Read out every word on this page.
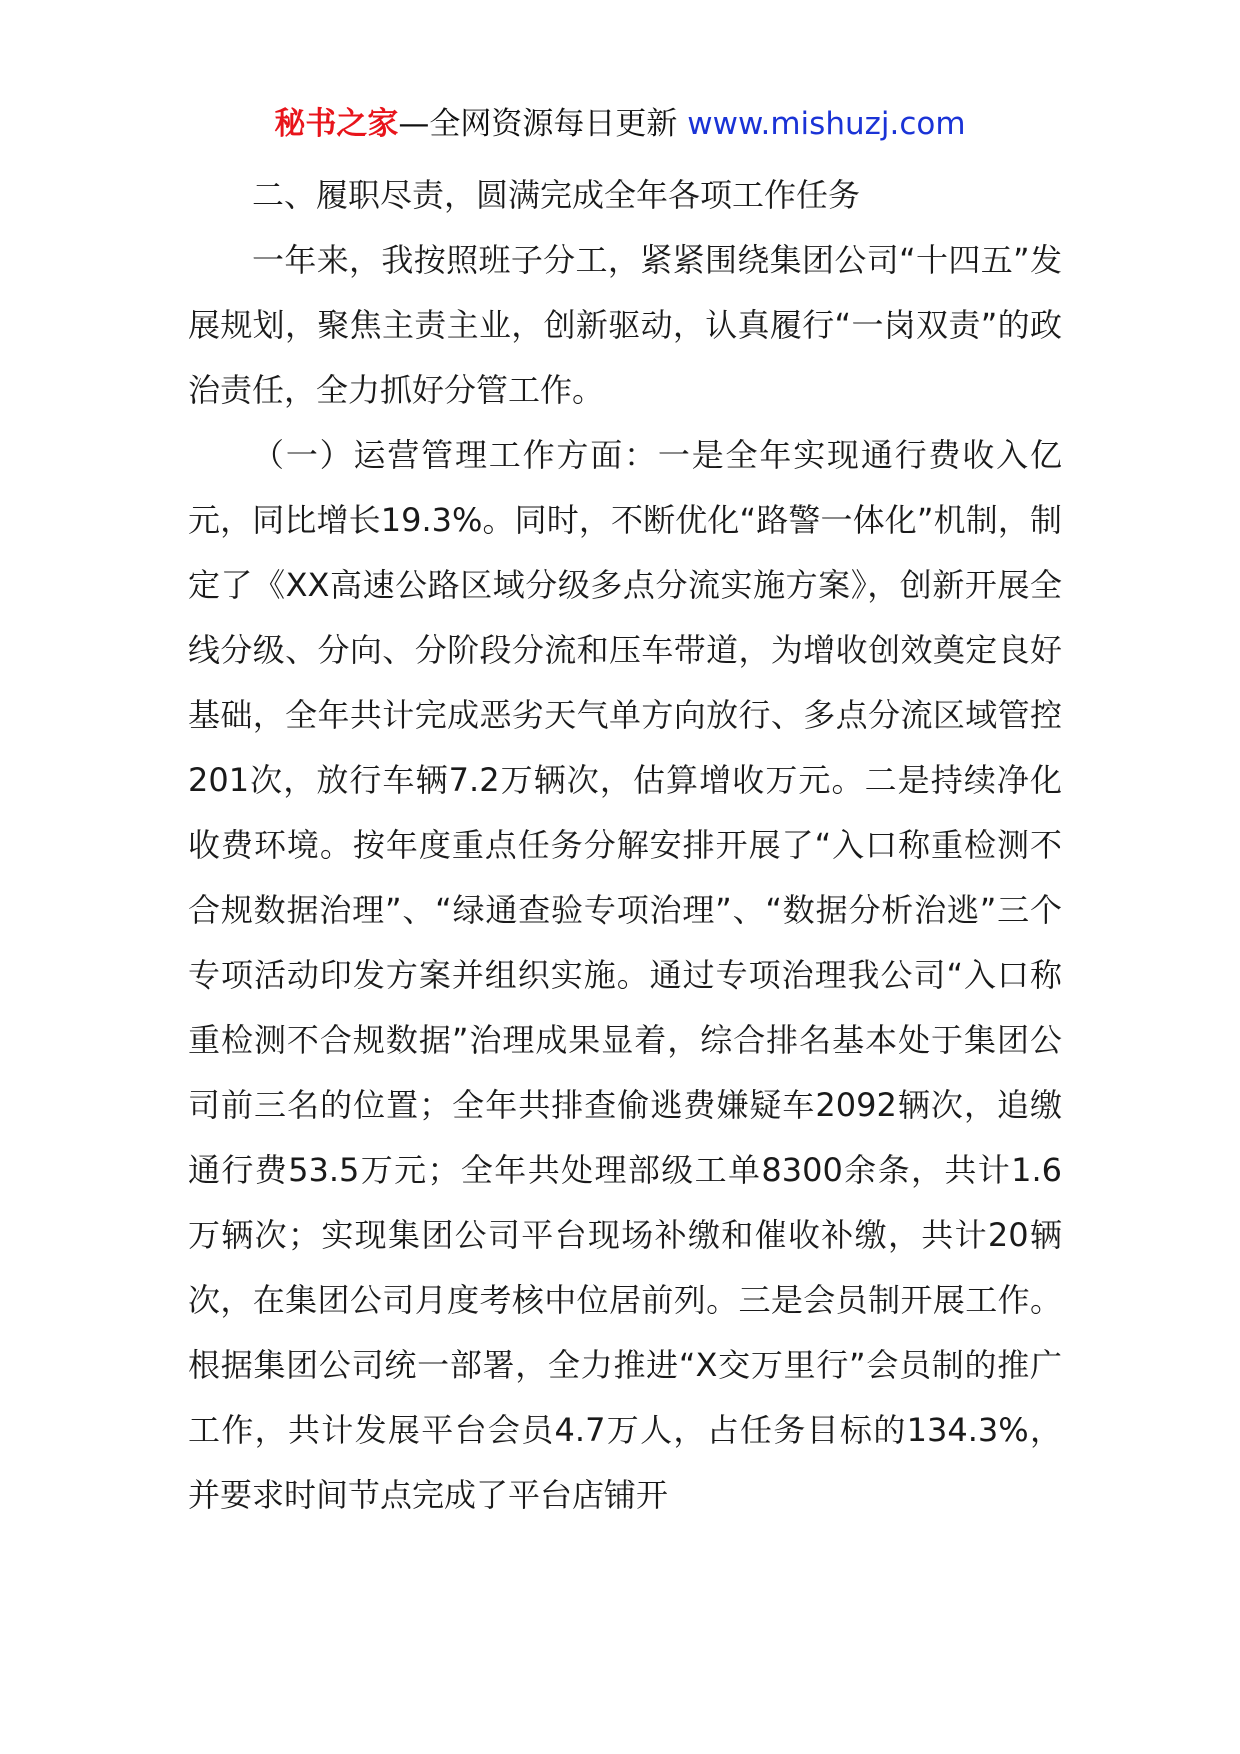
秘书之家—全网资源每日更新 www.mishuzj.com

二、履职尽责，圆满完成全年各项工作任务

一年来，我按照班子分工，紧紧围绕集团公司“十四五”发展规划，聚焦主责主业，创新驱动，认真履行“一岗双责”的政治责任，全力抓好分管工作。

（一）运营管理工作方面：一是全年实现通行费收入亿元，同比增长19.3%。同时，不断优化“路警一体化”机制，制定了《XX高速公路区域分级多点分流实施方案》，创新开展全线分级、分向、分阶段分流和压车带道，为增收创效奠定良好基础，全年共计完成恶劣天气单方向放行、多点分流区域管控201次，放行车辆7.2万辆次，估算增收万元。二是持续净化收费环境。按年度重点任务分解安排开展了“入口称重检测不合规数据治理”、“绿通查验专项治理”、“数据分析治逃”三个专项活动印发方案并组织实施。通过专项治理我公司“入口称重检测不合规数据”治理成果显着，综合排名基本处于集团公司前三名的位置；全年共排查偷逃费嫌疑车2092辆次，追缴通行费53.5万元；全年共处理部级工单8300余条，共计1.6万辆次；实现集团公司平台现场补缴和催收补缴，共计20辆次，在集团公司月度考核中位居前列。三是会员制开展工作。根据集团公司统一部署，全力推进“X交万里行”会员制的推广工作，共计发展平台会员4.7万人，占任务目标的134.3%，并要求时间节点完成了平台店铺开
